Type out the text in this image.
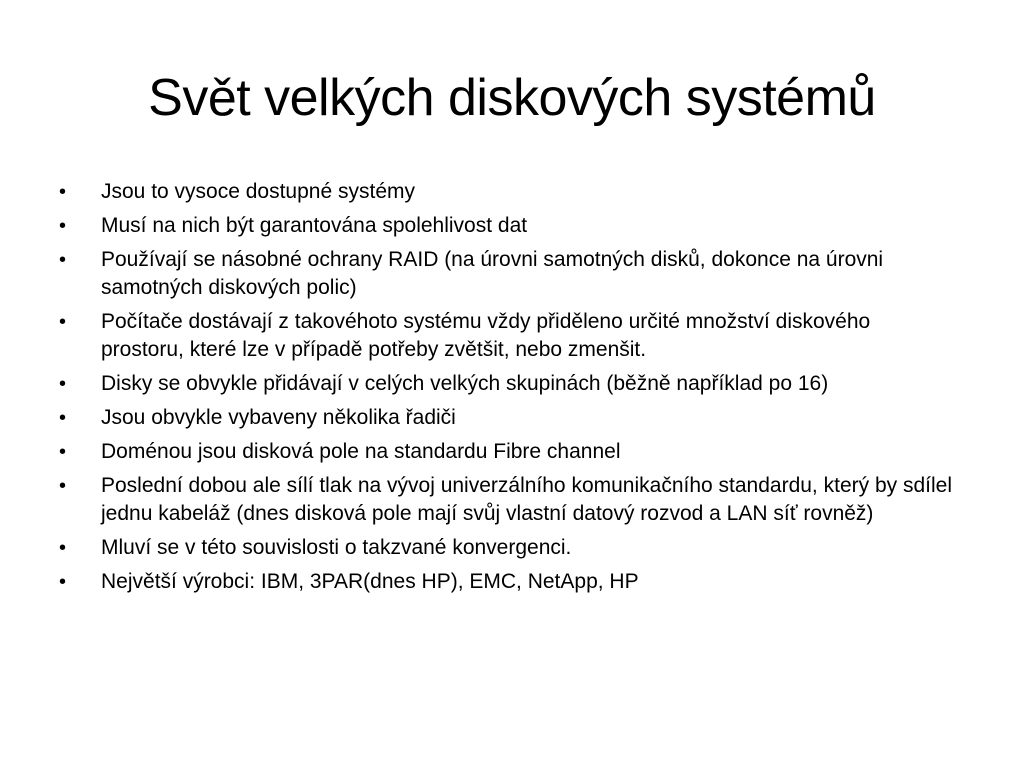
Svět velkých diskových systémů
•	Jsou to vysoce dostupné systémy
•	Musí na nich být garantována spolehlivost dat
•	Používají se násobné ochrany RAID (na úrovni samotných disků, dokonce na úrovni samotných diskových polic)
•	Počítače dostávají z takovéhoto systému vždy přiděleno určité množství diskového prostoru, které lze v případě potřeby zvětšit, nebo zmenšit.
•	Disky se obvykle přidávají v celých velkých skupinách (běžně například po 16)
•	Jsou obvykle vybaveny několika řadiči
•	Doménou jsou disková pole na standardu Fibre channel
•	Poslední dobou ale sílí tlak na vývoj univerzálního komunikačního standardu, který by sdílel jednu kabeláž (dnes disková pole mají svůj vlastní datový rozvod a LAN síť rovněž)
•	Mluví se v této souvislosti o takzvané konvergenci.
•	Největší výrobci: IBM, 3PAR(dnes HP), EMC, NetApp, HP
